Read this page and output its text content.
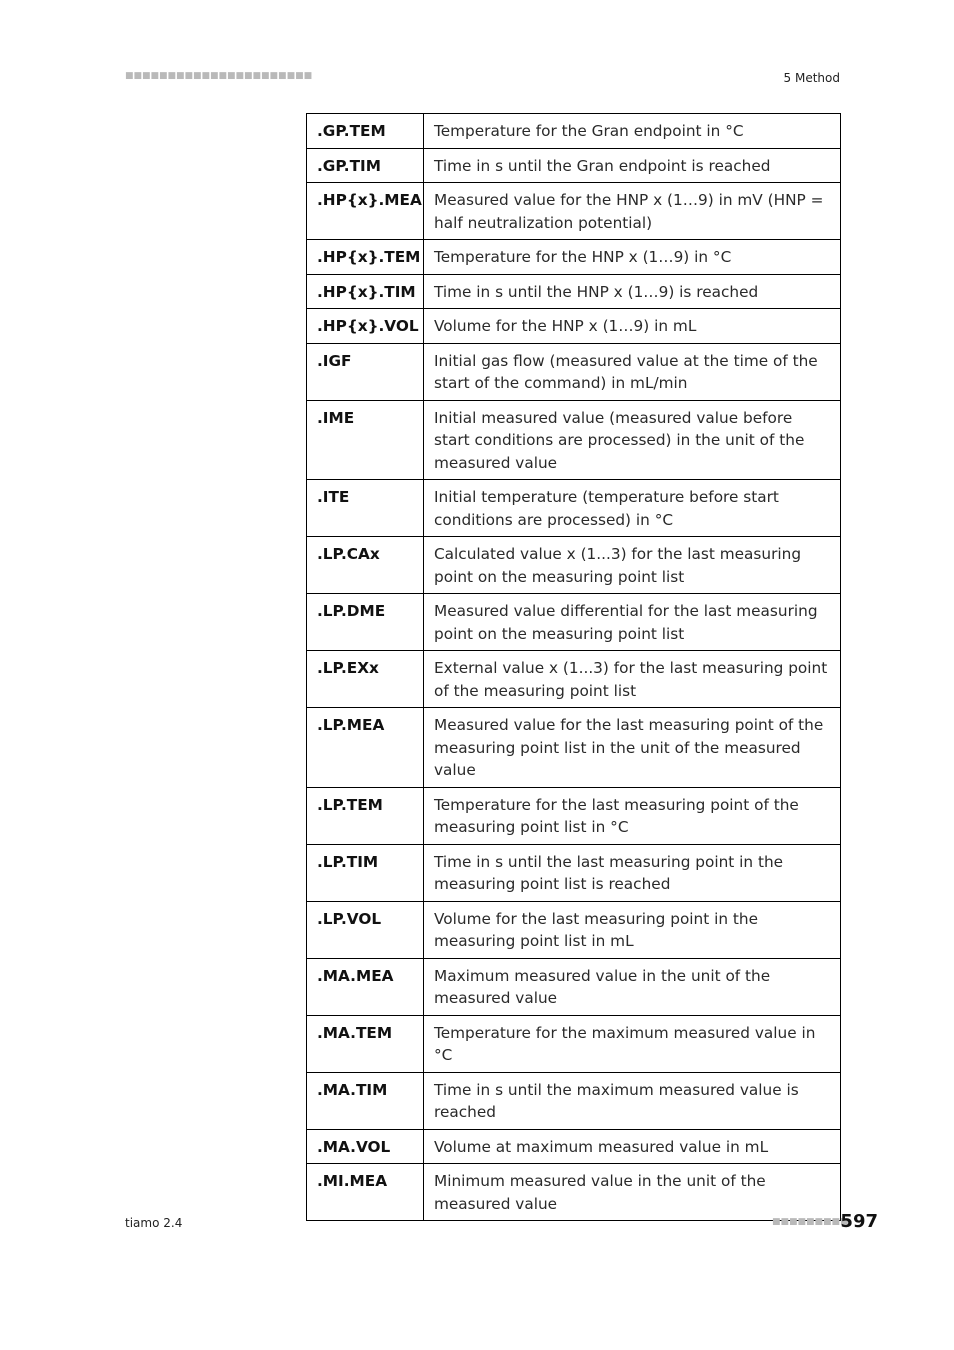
■■■■■■■■■■■■■■■■■■■■■■	5 Method
.GP.TEM	Temperature for the Gran endpoint in °C
.GP.TIM	Time in s until the Gran endpoint is reached
.HP{x}.MEA	Measured value for the HNP x (1…9) in mV (HNP = half neutralization potential)
.HP{x}.TEM	Temperature for the HNP x (1…9) in °C
.HP{x}.TIM	Time in s until the HNP x (1…9) is reached
.HP{x}.VOL	Volume for the HNP x (1…9) in mL
.IGF	Initial gas flow (measured value at the time of the start of the command) in mL/min
.IME	Initial measured value (measured value before start conditions are processed) in the unit of the measured value
.ITE	Initial temperature (temperature before start conditions are processed) in °C
.LP.CAx	Calculated value x (1...3) for the last measuring point on the measuring point list
.LP.DME	Measured value differential for the last measuring point on the measuring point list
.LP.EXx	External value x (1...3) for the last measuring point of the measuring point list
.LP.MEA	Measured value for the last measuring point of the measuring point list in the unit of the measured value
.LP.TEM	Temperature for the last measuring point of the measuring point list in °C
.LP.TIM	Time in s until the last measuring point in the measuring point list is reached
.LP.VOL	Volume for the last measuring point in the measuring point list in mL
.MA.MEA	Maximum measured value in the unit of the measured value
.MA.TEM	Temperature for the maximum measured value in °C
.MA.TIM	Time in s until the maximum measured value is reached
.MA.VOL	Volume at maximum measured value in mL
.MI.MEA	Minimum measured value in the unit of the measured value
tiamo 2.4	■■■■■■■■■
597
